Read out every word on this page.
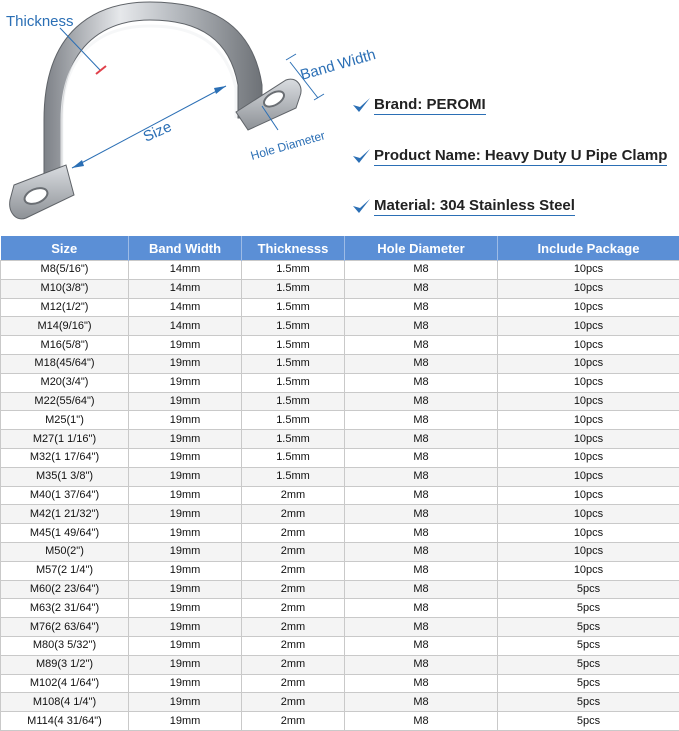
Thickness
Band Width
Size	Hole Diameter
Brand: PEROMI
Product Name: Heavy Duty U Pipe Clamp
Material: 304 Stainless Steel
Size	Band Width	Thicknesss	Hole Diameter	Include Package
M8(5/16")	14mm	1.5mm	M8	10pcs
M10(3/8")	14mm	1.5mm	M8	10pcs
M12(1/2")	14mm	1.5mm	M8	10pcs
M14(9/16")	14mm	1.5mm	M8	10pcs
M16(5/8")	19mm	1.5mm	M8	10pcs
M18(45/64")	19mm	1.5mm	M8	10pcs
M20(3/4")	19mm	1.5mm	M8	10pcs
M22(55/64")	19mm	1.5mm	M8	10pcs
M25(1")	19mm	1.5mm	M8	10pcs
M27(1 1/16")	19mm	1.5mm	M8	10pcs
M32(1 17/64")	19mm	1.5mm	M8	10pcs
M35(1 3/8")	19mm	1.5mm	M8	10pcs
M40(1 37/64")	19mm	2mm	M8	10pcs
M42(1 21/32")	19mm	2mm	M8	10pcs
M45(1 49/64")	19mm	2mm	M8	10pcs
M50(2")	19mm	2mm	M8	10pcs
M57(2 1/4")	19mm	2mm	M8	10pcs
M60(2 23/64")	19mm	2mm	M8	5pcs
M63(2 31/64")	19mm	2mm	M8	5pcs
M76(2 63/64")	19mm	2mm	M8	5pcs
M80(3 5/32")	19mm	2mm	M8	5pcs
M89(3 1/2")	19mm	2mm	M8	5pcs
M102(4 1/64")	19mm	2mm	M8	5pcs
M108(4 1/4")	19mm	2mm	M8	5pcs
M114(4 31/64")	19mm	2mm	M8	5pcs
